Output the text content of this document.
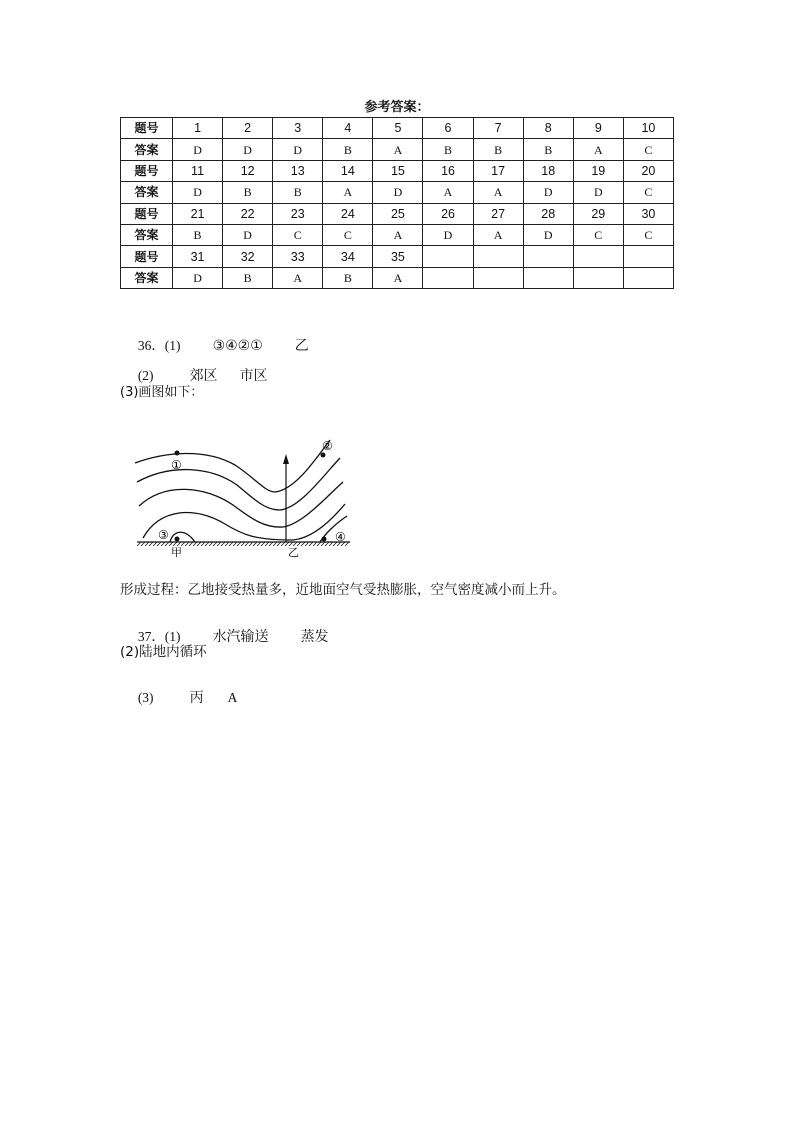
参考答案：
题号	1	2	3	4	5	6	7	8	9	10
答案	D	D	D	B	A	B	B	B	A	C
题号	11	12	13	14	15	16	17	18	19	20
答案	D	B	B	A	D	A	A	D	D	C
题号	21	22	23	24	25	26	27	28	29	30
答案	B	D	C	C	A	D	A	D	C	C
题号	31	32	33	34	35					
答案	D	B	A	B	A					

36．(1) ③④②① 乙

(2)	郊区 市区

(3)画图如下：
①
②
③	④
甲	乙
形成过程：乙地接受热量多，近地面空气受热膨胀，空气密度减小而上升。

37．(1) 水汽输送 蒸发

(2)陆地内循环

(3)	丙 A
